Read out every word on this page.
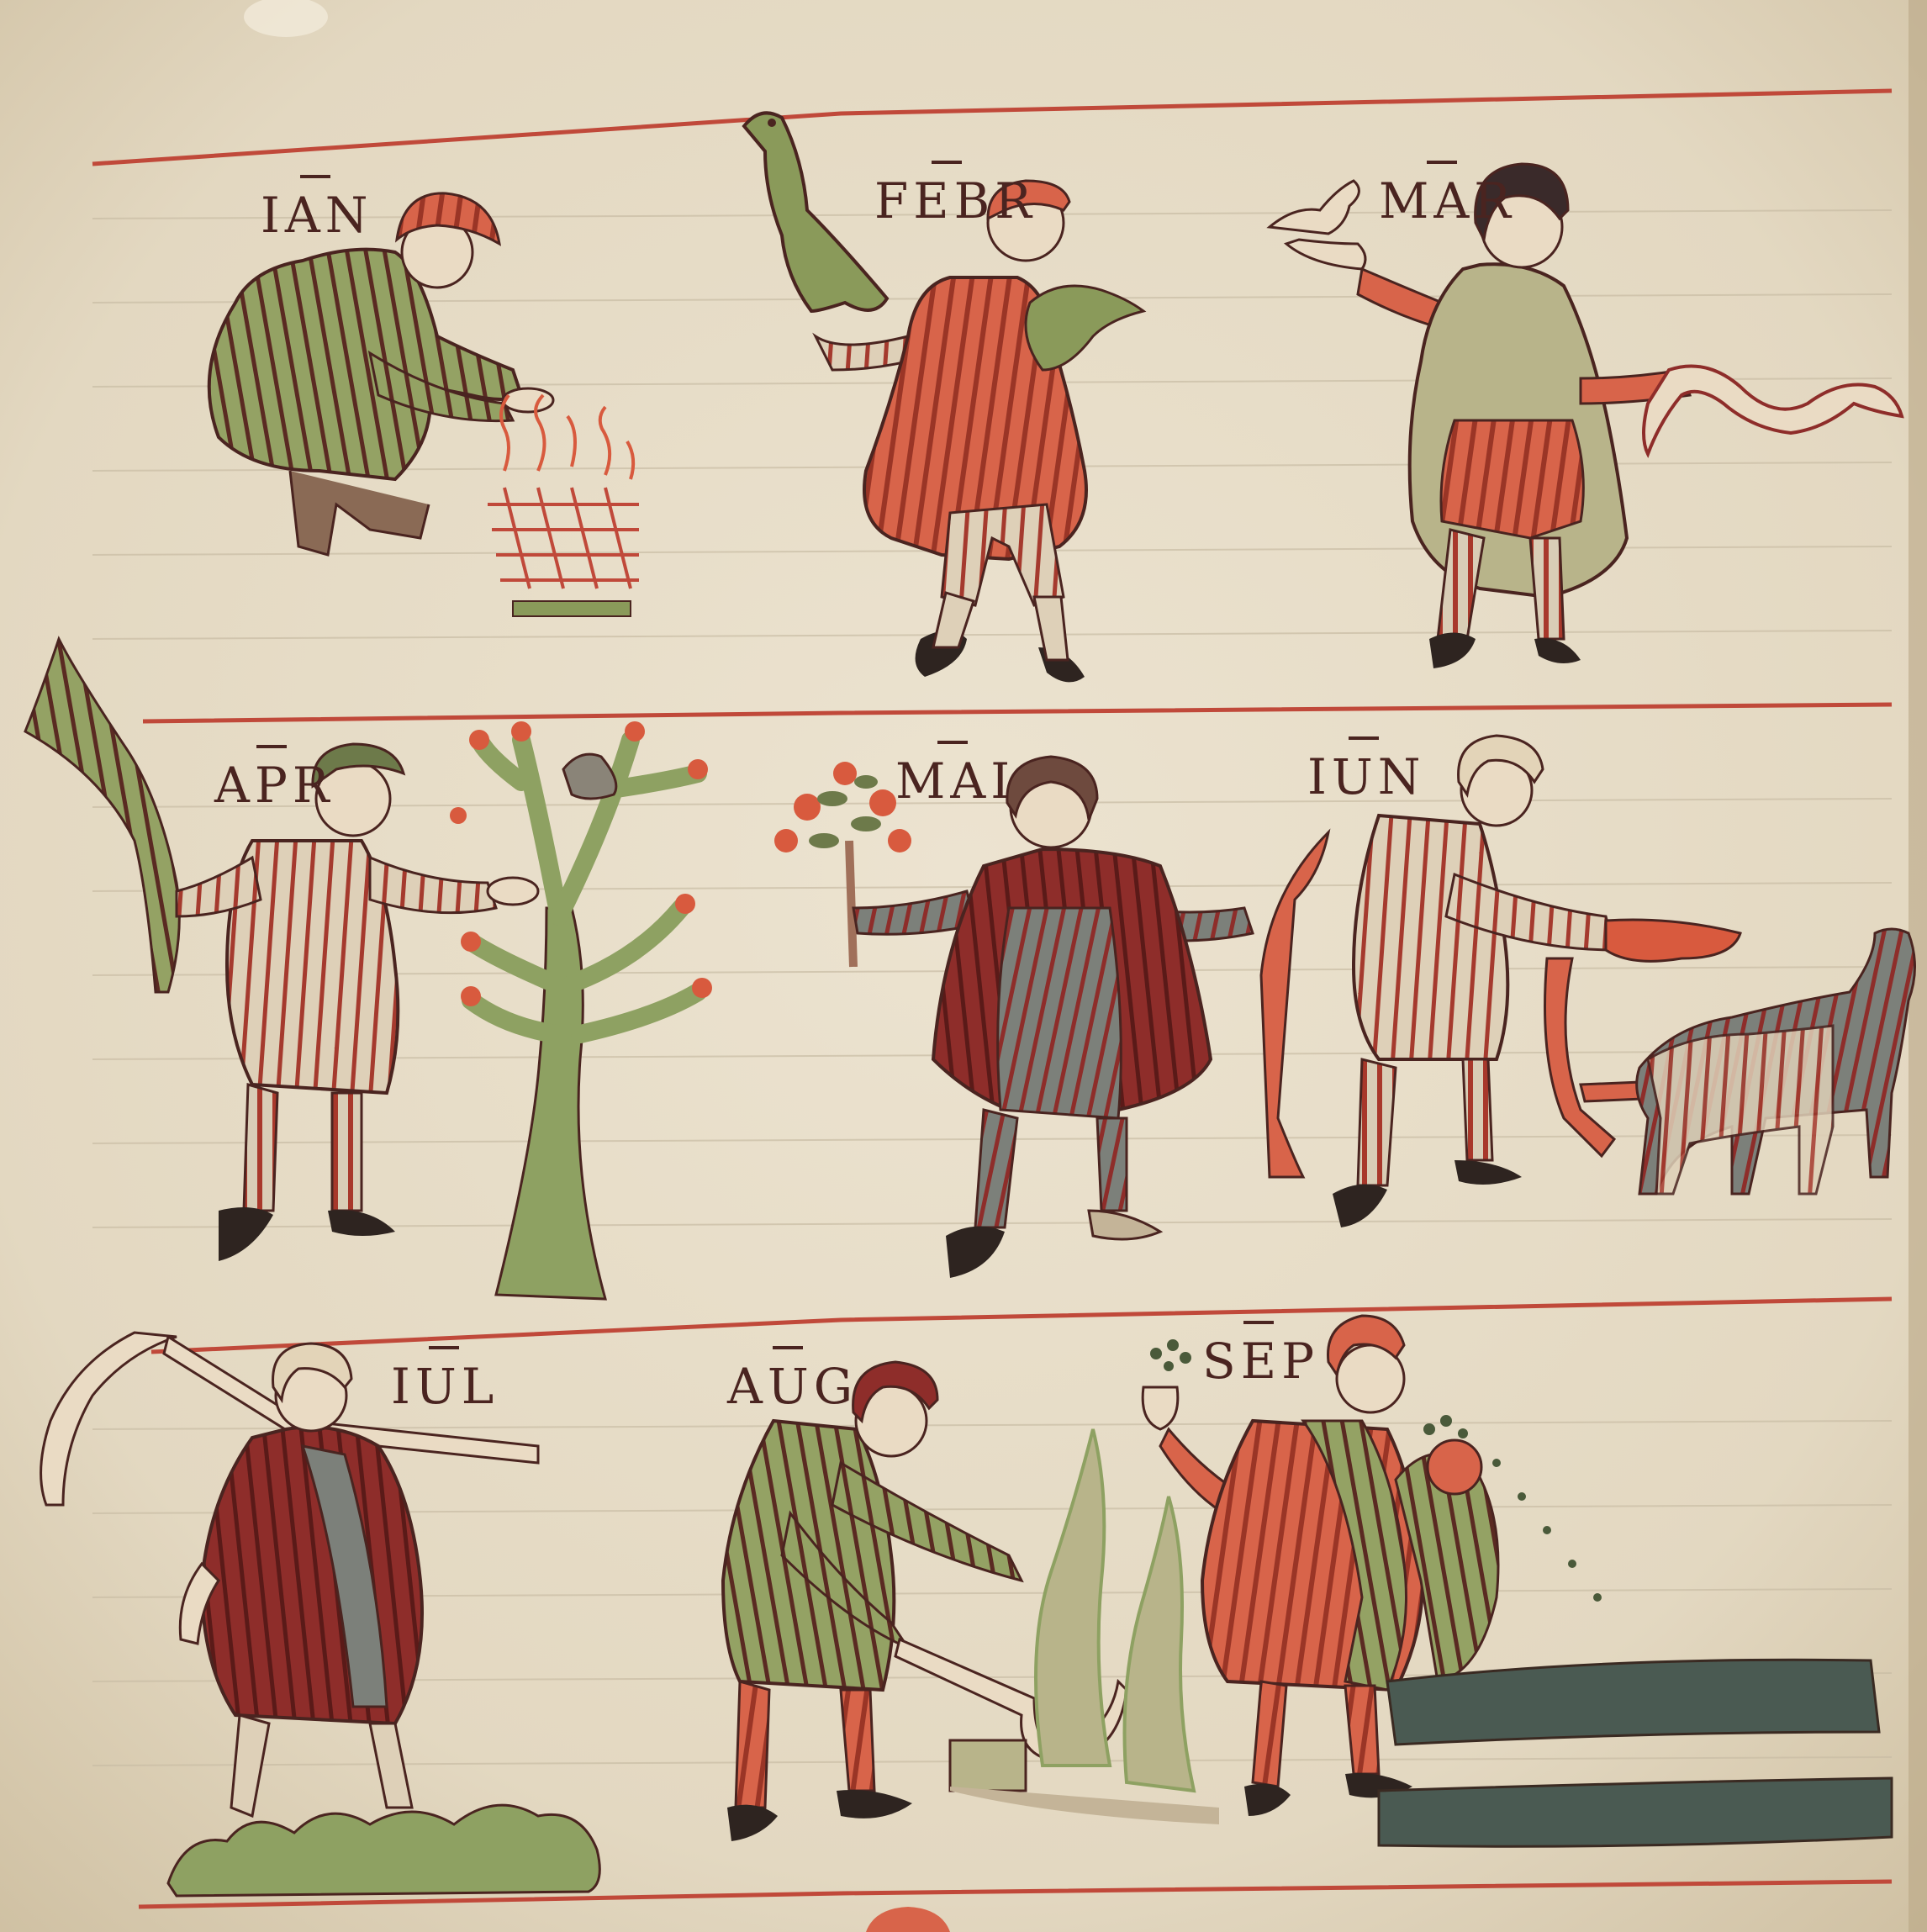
IAN	FEBR	MAR
APR	MAI	IUN
IUL	AUG	SEP
